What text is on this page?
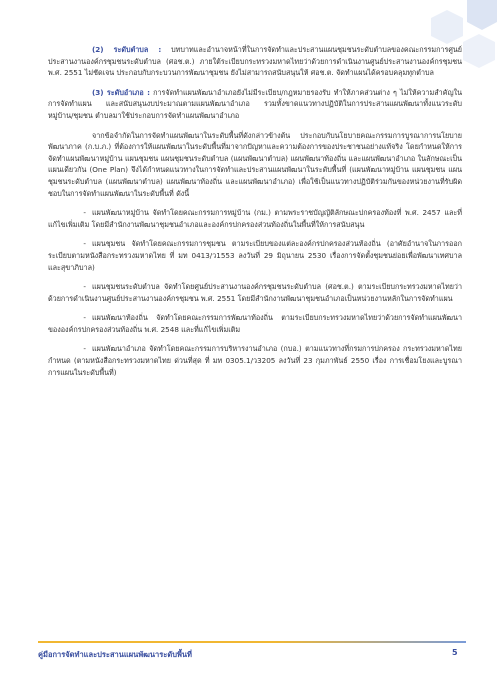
(2) ระดับตำบล : บทบาทและอำนาจหน้าที่ในการจัดทำและประสานแผนชุมชนระดับตำบลของคณะกรรมการศูนย์ประสานงานองค์กรชุมชนระดับตำบล (ศอช.ต.) ภายใต้ระเบียบกระทรวงมหาดไทยว่าด้วยการดำเนินงานศูนย์ประสานงานองค์กรชุมชน พ.ศ. 2551 ไม่ชัดเจน ประกอบกับกระบวนการพัฒนาชุมชน ยังไม่สามารถสนับสนุนให้ ศอช.ต. จัดทำแผนได้ครอบคลุมทุกตำบล

(3) ระดับอำเภอ : การจัดทำแผนพัฒนาอำเภอยังไม่มีระเบียบ/กฎหมายรองรับ ทำให้ภาคส่วนต่าง ๆ ไม่ให้ความสำคัญในการจัดทำแผน และสนับสนุนงบประมาณตามแผนพัฒนาอำเภอ รวมทั้งขาดแนวทางปฏิบัติในการประสานแผนพัฒนาทั้งแนวระดับหมู่บ้าน/ชุมชน ตำบลมาใช้ประกอบการจัดทำแผนพัฒนาอำเภอ

จากข้อจำกัดในการจัดทำแผนพัฒนาในระดับพื้นที่ดังกล่าวข้างต้น ประกอบกับนโยบายคณะกรรมการบูรณาการนโยบายพัฒนาภาค (ก.บ.ภ.) ที่ต้องการให้แผนพัฒนาในระดับพื้นที่มาจากปัญหาและความต้องการของประชาชนอย่างแท้จริง โดยกำหนดให้การจัดทำแผนพัฒนาหมู่บ้าน แผนชุมชน แผนชุมชนระดับตำบล (แผนพัฒนาตำบล) แผนพัฒนาท้องถิ่น และแผนพัฒนาอำเภอ ในลักษณะเป็นแผนเดียวกัน (One Plan) จึงได้กำหนดแนวทางในการจัดทำและประสานแผนพัฒนาในระดับพื้นที่ (แผนพัฒนาหมู่บ้าน แผนชุมชน แผนชุมชนระดับตำบล (แผนพัฒนาตำบล) แผนพัฒนาท้องถิ่น และแผนพัฒนาอำเภอ) เพื่อใช้เป็นแนวทางปฏิบัติร่วมกันของหน่วยงานที่รับผิดชอบในการจัดทำแผนพัฒนาในระดับพื้นที่ ดังนี้

- แผนพัฒนาหมู่บ้าน จัดทำโดยคณะกรรมการหมู่บ้าน (กม.) ตามพระราชบัญญัติลักษณะปกครองท้องที่ พ.ศ. 2457 และที่แก้ไขเพิ่มเติม โดยมีสำนักงานพัฒนาชุมชนอำเภอและองค์กรปกครองส่วนท้องถิ่นในพื้นที่ให้การสนับสนุน
- แผนชุมชน จัดทำโดยคณะกรรมการชุมชน ตามระเบียบของแต่ละองค์กรปกครองส่วนท้องถิ่น (อาศัยอำนาจในการออกระเบียบตามหนังสือกระทรวงมหาดไทย ที่ มท 0413/ว1553 ลงวันที่ 29 มิถุนายน 2530 เรื่องการจัดตั้งชุมชนย่อยเพื่อพัฒนาเทศบาลและสุขาภิบาล)
- แผนชุมชนระดับตำบล จัดทำโดยศูนย์ประสานงานองค์กรชุมชนระดับตำบล (ศอช.ต.) ตามระเบียบกระทรวงมหาดไทยว่าด้วยการดำเนินงานศูนย์ประสานงานองค์กรชุมชน พ.ศ. 2551 โดยมีสำนักงานพัฒนาชุมชนอำเภอเป็นหน่วยงานหลักในการจัดทำแผน
- แผนพัฒนาท้องถิ่น จัดทำโดยคณะกรรมการพัฒนาท้องถิ่น ตามระเบียบกระทรวงมหาดไทยว่าด้วยการจัดทำแผนพัฒนาขององค์กรปกครองส่วนท้องถิ่น พ.ศ. 2548 และที่แก้ไขเพิ่มเติม
- แผนพัฒนาอำเภอ จัดทำโดยคณะกรรมการบริหารงานอำเภอ (กบอ.) ตามแนวทางที่กรมการปกครอง กระทรวงมหาดไทย กำหนด (ตามหนังสือกระทรวงมหาดไทย ด่วนที่สุด ที่ มท 0305.1/ว3205 ลงวันที่ 23 กุมภาพันธ์ 2550 เรื่อง การเชื่อมโยงและบูรณาการแผนในระดับพื้นที่)
คู่มือการจัดทำและประสานแผนพัฒนาระดับพื้นที่	5
